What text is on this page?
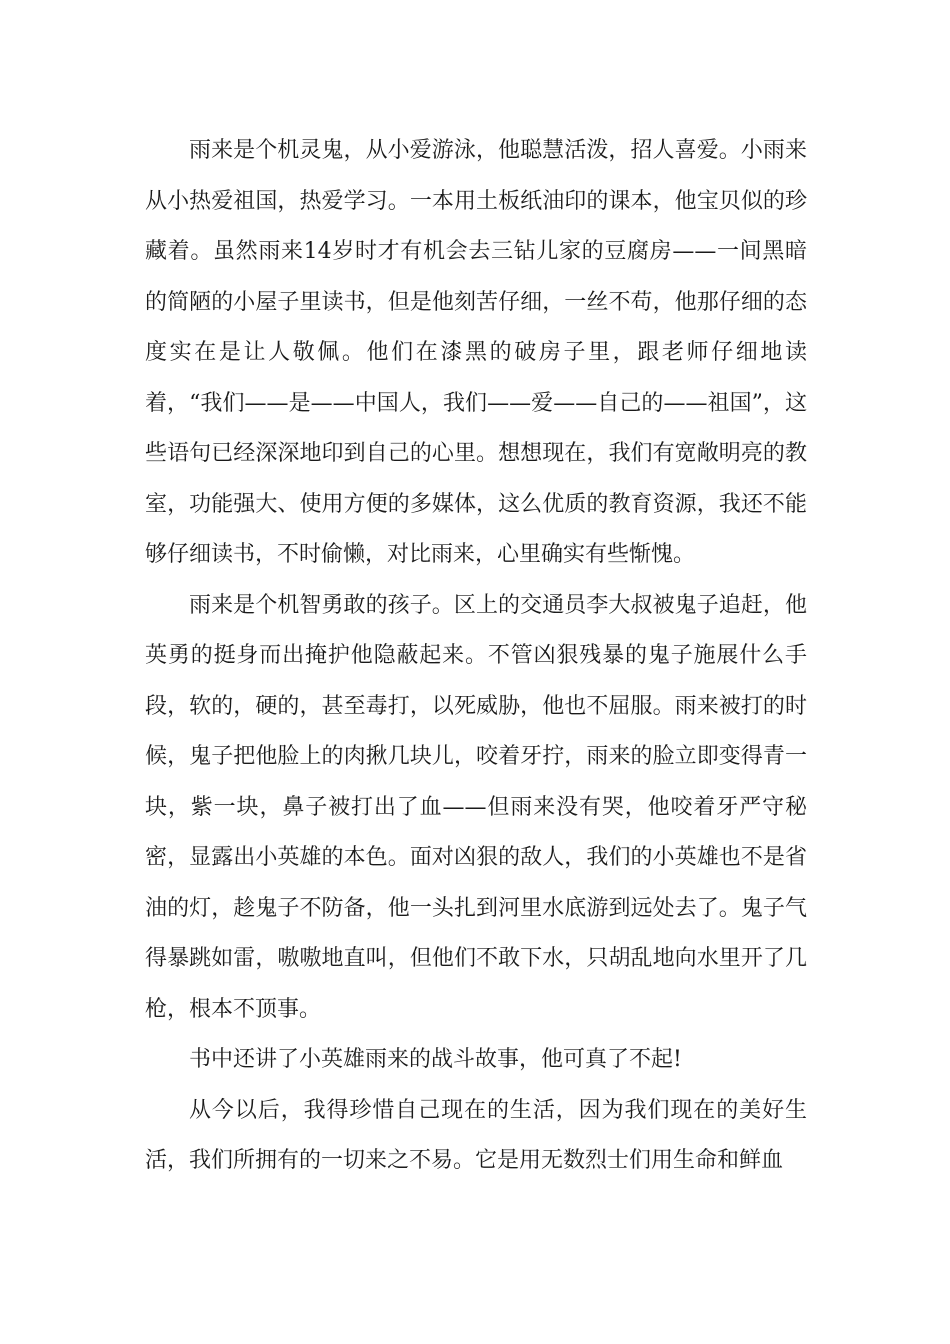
雨来是个机灵鬼，从小爱游泳，他聪慧活泼，招人喜爱。小雨来从小热爱祖国，热爱学习。一本用土板纸油印的课本，他宝贝似的珍藏着。虽然雨来14岁时才有机会去三钻儿家的豆腐房——一间黑暗的简陋的小屋子里读书，但是他刻苦仔细，一丝不苟，他那仔细的态度实在是让人敬佩。他们在漆黑的破房子里，跟老师仔细地读着，“我们——是——中国人，我们——爱——自己的——祖国”，这些语句已经深深地印到自己的心里。想想现在，我们有宽敞明亮的教室，功能强大、使用方便的多媒体，这么优质的教育资源，我还不能够仔细读书，不时偷懒，对比雨来，心里确实有些惭愧。

雨来是个机智勇敢的孩子。区上的交通员李大叔被鬼子追赶，他英勇的挺身而出掩护他隐蔽起来。不管凶狠残暴的鬼子施展什么手段，软的，硬的，甚至毒打，以死威胁，他也不屈服。雨来被打的时候，鬼子把他脸上的肉揪几块儿，咬着牙拧，雨来的脸立即变得青一块，紫一块，鼻子被打出了血——但雨来没有哭，他咬着牙严守秘密，显露出小英雄的本色。面对凶狠的敌人，我们的小英雄也不是省油的灯，趁鬼子不防备，他一头扎到河里水底游到远处去了。鬼子气得暴跳如雷，嗷嗷地直叫，但他们不敢下水，只胡乱地向水里开了几枪，根本不顶事。

书中还讲了小英雄雨来的战斗故事，他可真了不起!

从今以后，我得珍惜自己现在的生活，因为我们现在的美好生活，我们所拥有的一切来之不易。它是用无数烈士们用生命和鲜血
